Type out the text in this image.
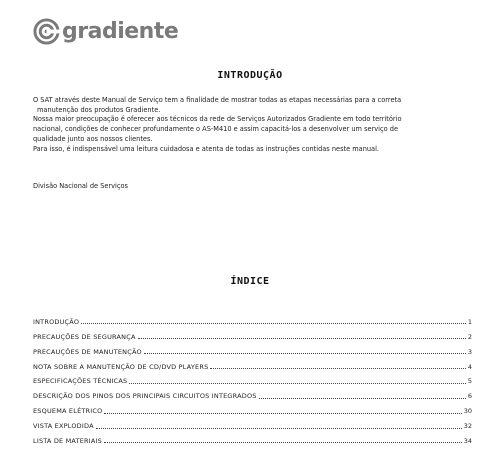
gradiente
INTRODUÇÃO

O SAT através deste Manual de Serviço tem a finalidade de mostrar todas as etapas necessárias para a correta

manutenção dos produtos Gradiente.

Nossa maior preocupação é oferecer aos técnicos da rede de Serviços Autorizados Gradiente em todo território

nacional, condições de conhecer profundamente o AS-M410 e assim capacitá-los a desenvolver um serviço de

qualidade junto aos nossos clientes.

Para isso, é indispensável uma leitura cuidadosa e atenta de todas as instruções contidas neste manual.

Divisão Nacional de Serviços
ÍNDICE
INTRODUÇÃO	1
PRECAUÇÕES DE SEGURANÇA	2
PRECAUÇÕES DE MANUTENÇÃO	3
NOTA SOBRE A MANUTENÇÃO DE CD/DVD PLAYERS	4
ESPECIFICAÇÕES TÉCNICAS	5
DESCRIÇÃO DOS PINOS DOS PRINCIPAIS CIRCUITOS INTEGRADOS	6
ESQUEMA ELÉTRICO	30
VISTA EXPLODIDA	32
LISTA DE MATERIAIS	34
